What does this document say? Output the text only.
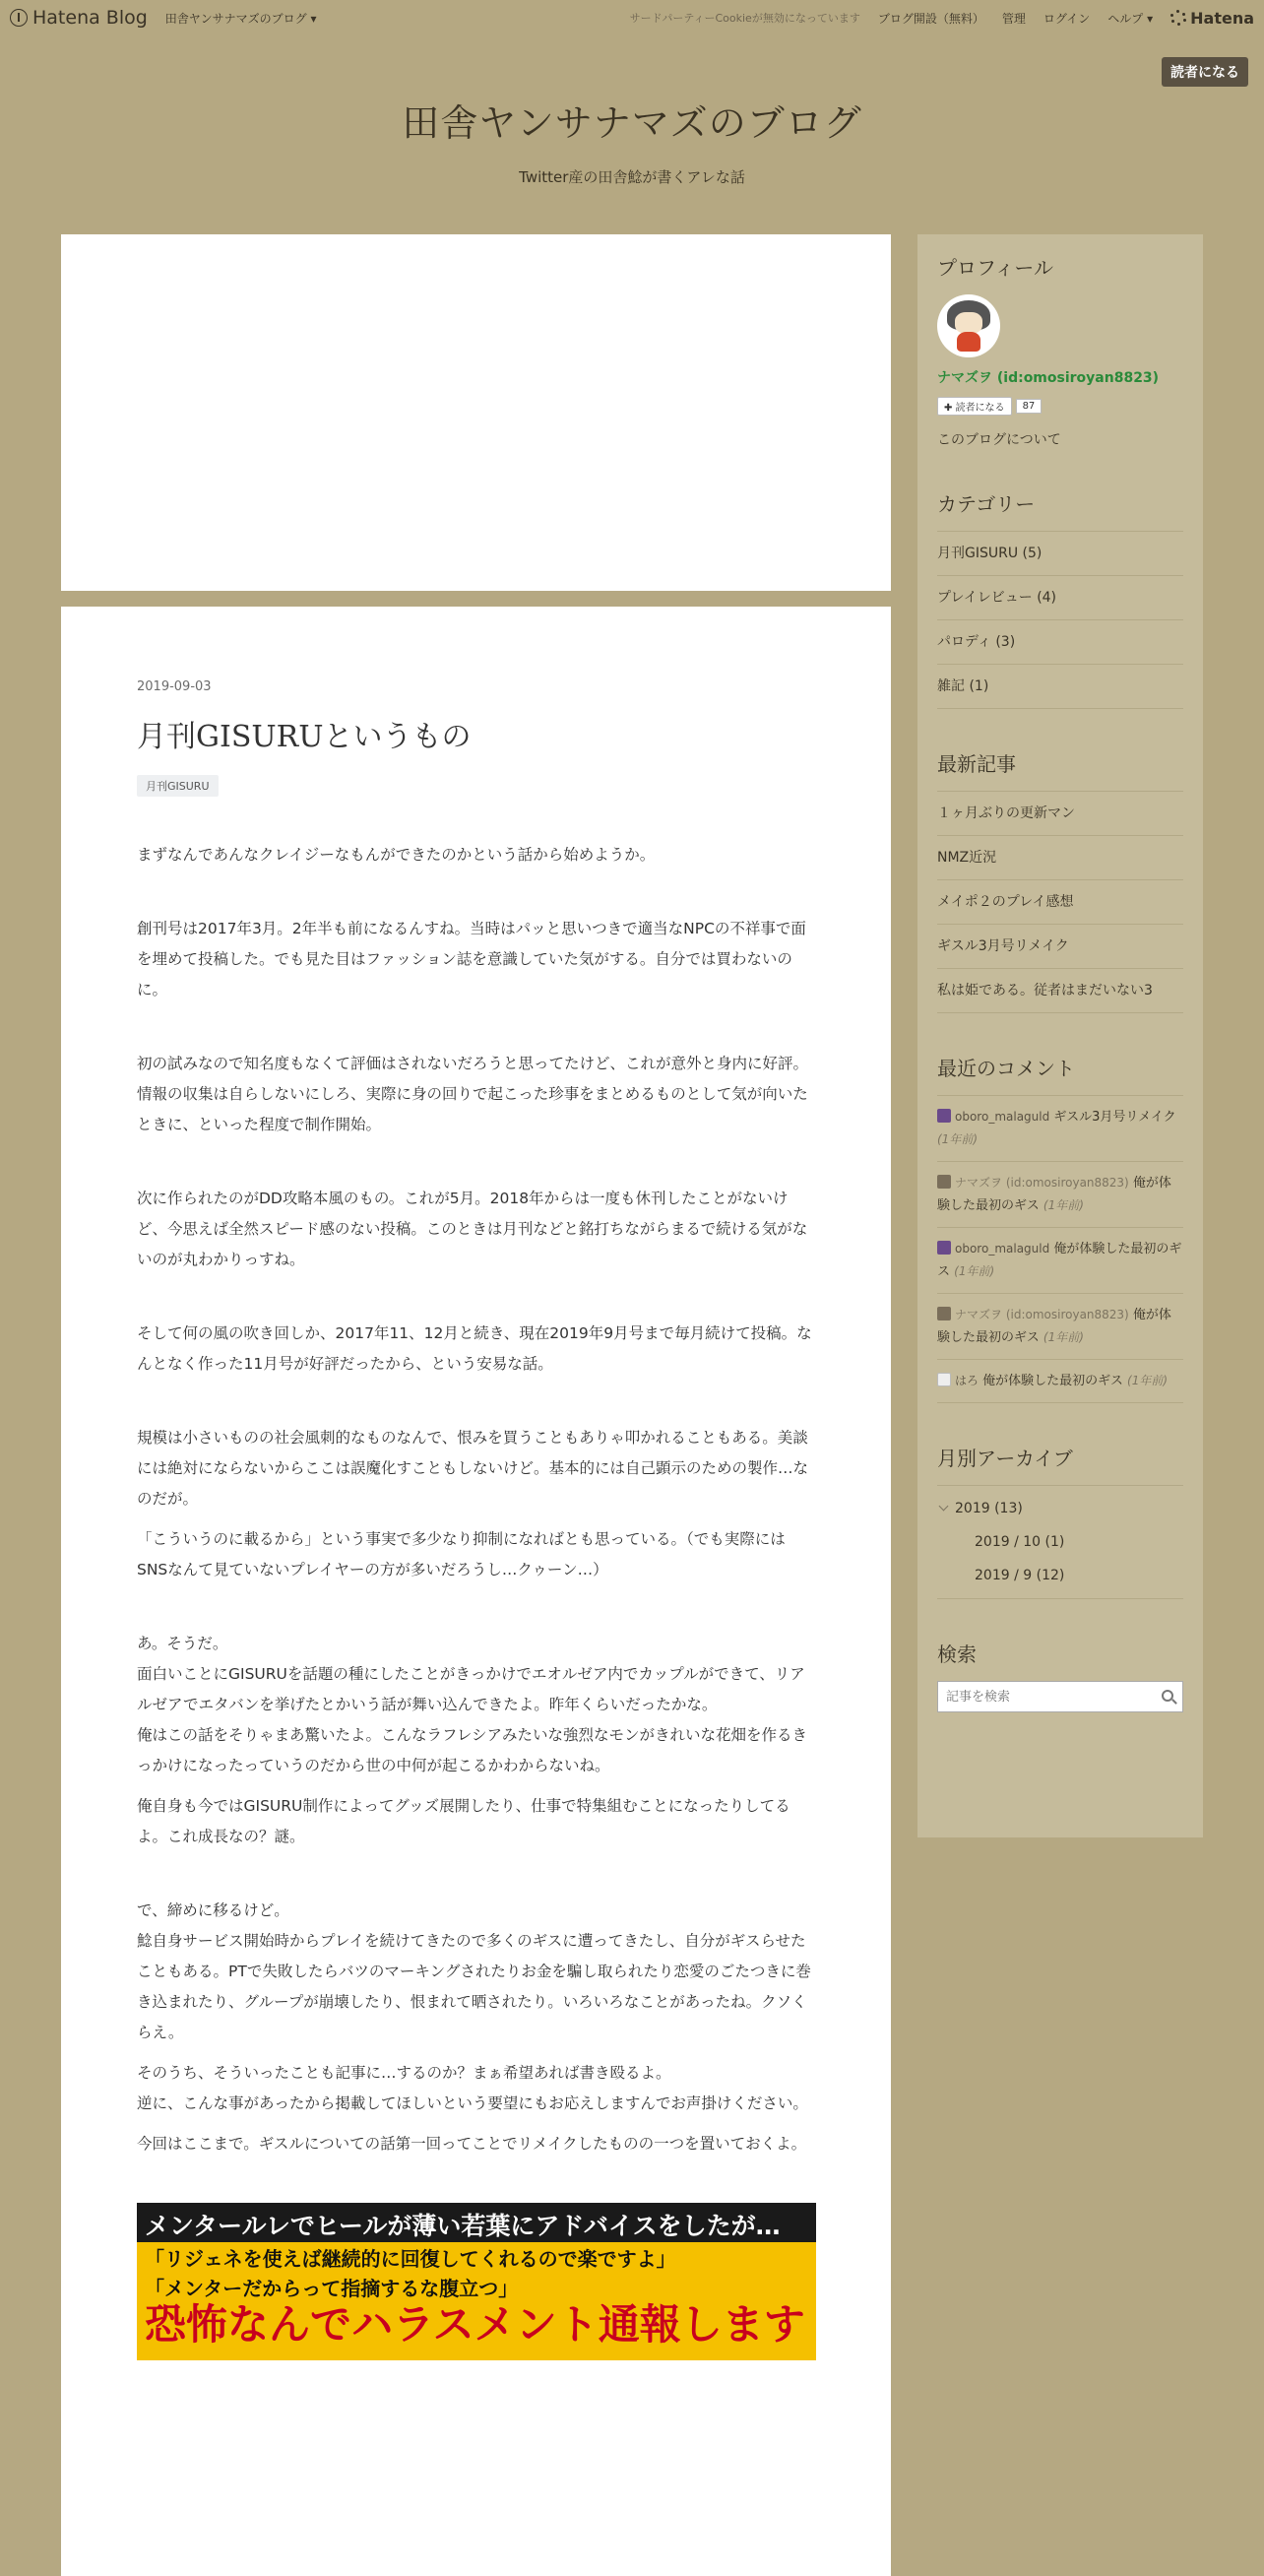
Hatena Blog 田舎ヤンサナマズのブログ ▾	サードパーティーCookieが無効になっています ブログ開設（無料） 管理 ログイン ヘルプ ▾ Hatena
読者になる
田舎ヤンサナマズのブログ
Twitter産の田舎鯰が書くアレな話
2019-09-03
月刊GISURUというもの
月刊GISURU

まずなんであんなクレイジーなもんができたのかという話から始めようか。

創刊号は2017年3月。2年半も前になるんすね。当時はパッと思いつきで適当なNPCの不祥事で面を埋めて投稿した。でも見た目はファッション誌を意識していた気がする。自分では買わないのに。

初の試みなので知名度もなくて評価はされないだろうと思ってたけど、これが意外と身内に好評。情報の収集は自らしないにしろ、実際に身の回りで起こった珍事をまとめるものとして気が向いたときに、といった程度で制作開始。

次に作られたのがDD攻略本風のもの。これが5月。2018年からは一度も休刊したことがないけど、今思えば全然スピード感のない投稿。このときは月刊などと銘打ちながらまるで続ける気がないのが丸わかりっすね。

そして何の風の吹き回しか、2017年11、12月と続き、現在2019年9月号まで毎月続けて投稿。なんとなく作った11月号が好評だったから、という安易な話。

規模は小さいものの社会風刺的なものなんで、恨みを買うこともありゃ叩かれることもある。美談には絶対にならないからここは誤魔化すこともしないけど。基本的には自己顕示のための製作…なのだが。

「こういうのに載るから」という事実で多少なり抑制になればとも思っている。（でも実際にはSNSなんて見ていないプレイヤーの方が多いだろうし…クゥーン…）

あ。そうだ。
面白いことにGISURUを話題の種にしたことがきっかけでエオルゼア内でカップルができて、リアルゼアでエタバンを挙げたとかいう話が舞い込んできたよ。昨年くらいだったかな。
俺はこの話をそりゃまあ驚いたよ。こんなラフレシアみたいな強烈なモンがきれいな花畑を作るきっかけになったっていうのだから世の中何が起こるかわからないね。

俺自身も今ではGISURU制作によってグッズ展開したり、仕事で特集組むことになったりしてるよ。これ成長なの？謎。

で、締めに移るけど。
鯰自身サービス開始時からプレイを続けてきたので多くのギスに遭ってきたし、自分がギスらせたこともある。PTで失敗したらバツのマーキングされたりお金を騙し取られたり恋愛のごたつきに巻き込まれたり、グループが崩壊したり、恨まれて晒されたり。いろいろなことがあったね。クソくらえ。

そのうち、そういったことも記事に…するのか？まぁ希望あれば書き殴るよ。
逆に、こんな事があったから掲載してほしいという要望にもお応えしますんでお声掛けください。

今回はここまで。ギスルについての話第一回ってことでリメイクしたものの一つを置いておくよ。

メンタールレでヒールが薄い若葉にアドバイスをしたが…
「リジェネを使えば継続的に回復してくれるので楽ですよ」
「メンターだからって指摘するな腹立つ」
恐怖なんでハラスメント通報します
プロフィール
ナマズヲ (id:omosiroyan8823)
✚ 読者になる	87
このブログについて
カテゴリー
月刊GISURU (5)
プレイレビュー (4)
パロディ (3)
雑記 (1)
最新記事
１ヶ月ぶりの更新マン
NMZ近況
メイポ２のプレイ感想
ギスル3月号リメイク
私は姫である。従者はまだいない3
最近のコメント
oboro_malaguld ギスル3月号リメイク (1年前)
ナマズヲ (id:omosiroyan8823) 俺が体験した最初のギス (1年前)
oboro_malaguld 俺が体験した最初のギス (1年前)
ナマズヲ (id:omosiroyan8823) 俺が体験した最初のギス (1年前)
はろ 俺が体験した最初のギス (1年前)
月別アーカイブ
2019 (13)
2019 / 10 (1)
2019 / 9 (12)
検索
記事を検索
